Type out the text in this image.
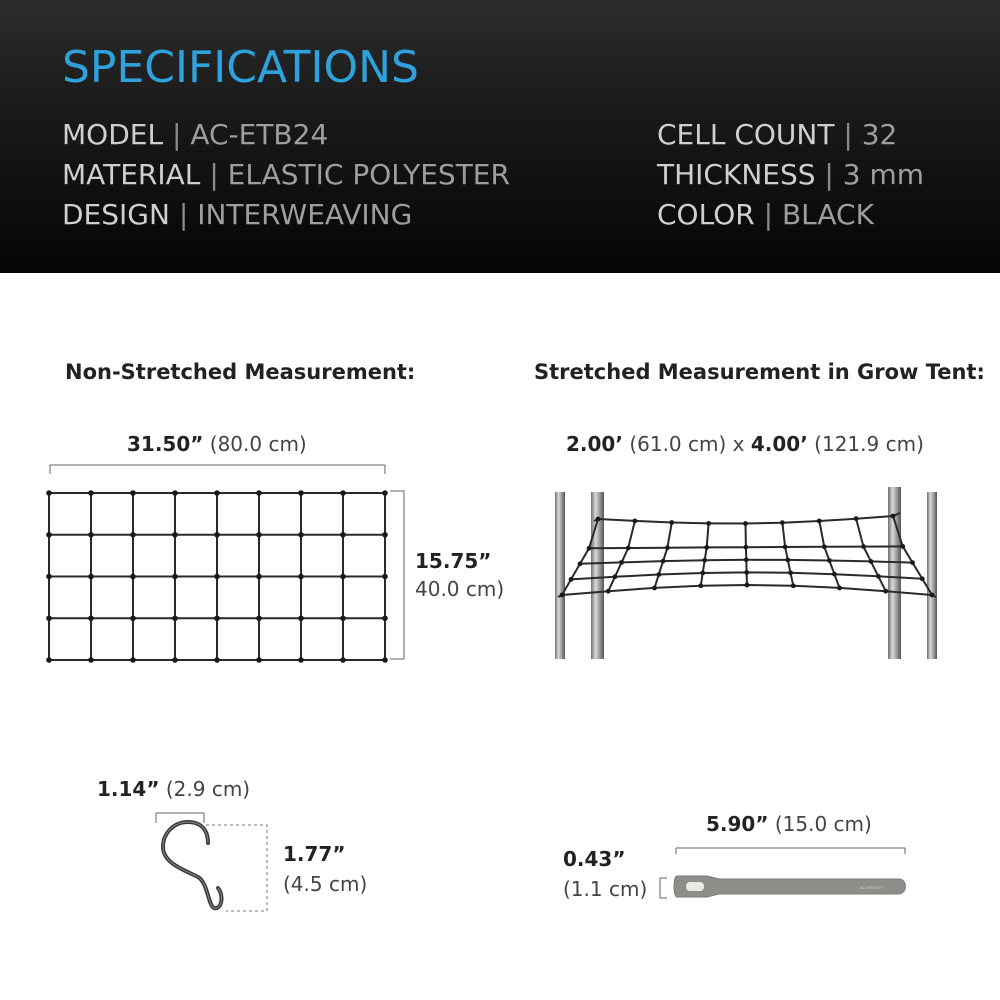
SPECIFICATIONS
MODEL | AC-ETB24
MATERIAL | ELASTIC POLYESTER
DESIGN | INTERWEAVING
CELL COUNT | 32
THICKNESS | 3 mm
COLOR | BLACK
Non-Stretched Measurement:
31.50” (80.0 cm)
15.75”
40.0 cm)
Stretched Measurement in Grow Tent:
2.00’ (61.0 cm) x 4.00’ (121.9 cm)
1.14” (2.9 cm)
1.77”
(4.5 cm)
5.90” (15.0 cm)
0.43”
(1.1 cm)	AC INFINITY
